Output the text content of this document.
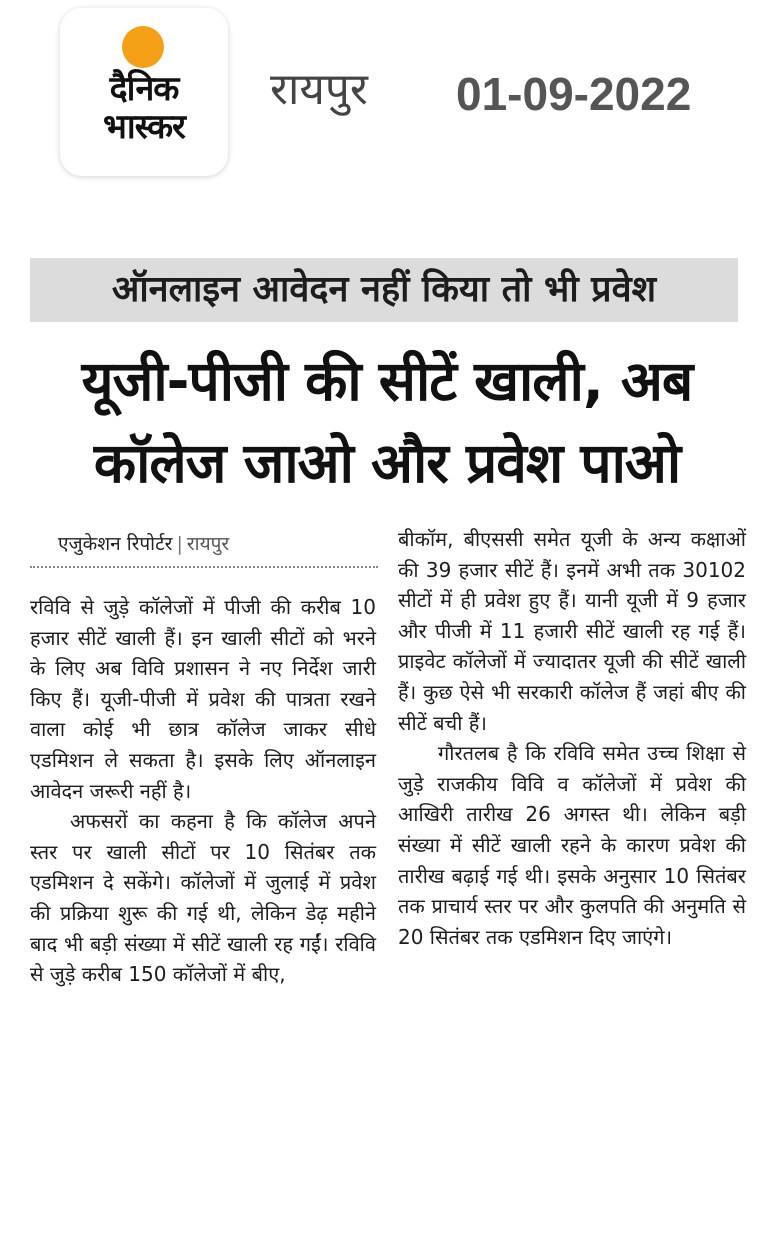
दैनिक
भास्कर
रायपुर 01-09-2022
ऑनलाइन आवेदन नहीं किया तो भी प्रवेश
यूजी-पीजी की सीटें खाली, अब
कॉलेज जाओ और प्रवेश पाओ
एजुकेशन रिपोर्टर | रायपुर

रविवि से जुड़े कॉलेजों में पीजी की करीब 10 हजार सीटें खाली हैं। इन खाली सीटों को भरने के लिए अब विवि प्रशासन ने नए निर्देश जारी किए हैं। यूजी-पीजी में प्रवेश की पात्रता रखने वाला कोई भी छात्र कॉलेज जाकर सीधे एडमिशन ले सकता है। इसके लिए ऑनलाइन आवेदन जरूरी नहीं है।

अफसरों का कहना है कि कॉलेज अपने स्तर पर खाली सीटों पर 10 सितंबर तक एडमिशन दे सकेंगे। कॉलेजों में जुलाई में प्रवेश की प्रक्रिया शुरू की गई थी, लेकिन डेढ़ महीने बाद भी बड़ी संख्या में सीटें खाली रह गईं। रविवि से जुड़े करीब 150 कॉलेजों में बीए,

बीकॉम, बीएससी समेत यूजी के अन्य कक्षाओं की 39 हजार सीटें हैं। इनमें अभी तक 30102 सीटों में ही प्रवेश हुए हैं। यानी यूजी में 9 हजार और पीजी में 11 हजारी सीटें खाली रह गई हैं। प्राइवेट कॉलेजों में ज्यादातर यूजी की सीटें खाली हैं। कुछ ऐसे भी सरकारी कॉलेज हैं जहां बीए की सीटें बची हैं।

गौरतलब है कि रविवि समेत उच्च शिक्षा से जुड़े राजकीय विवि व कॉलेजों में प्रवेश की आखिरी तारीख 26 अगस्त थी। लेकिन बड़ी संख्या में सीटें खाली रहने के कारण प्रवेश की तारीख बढ़ाई गई थी। इसके अनुसार 10 सितंबर तक प्राचार्य स्तर पर और कुलपति की अनुमति से 20 सितंबर तक एडमिशन दिए जाएंगे।
